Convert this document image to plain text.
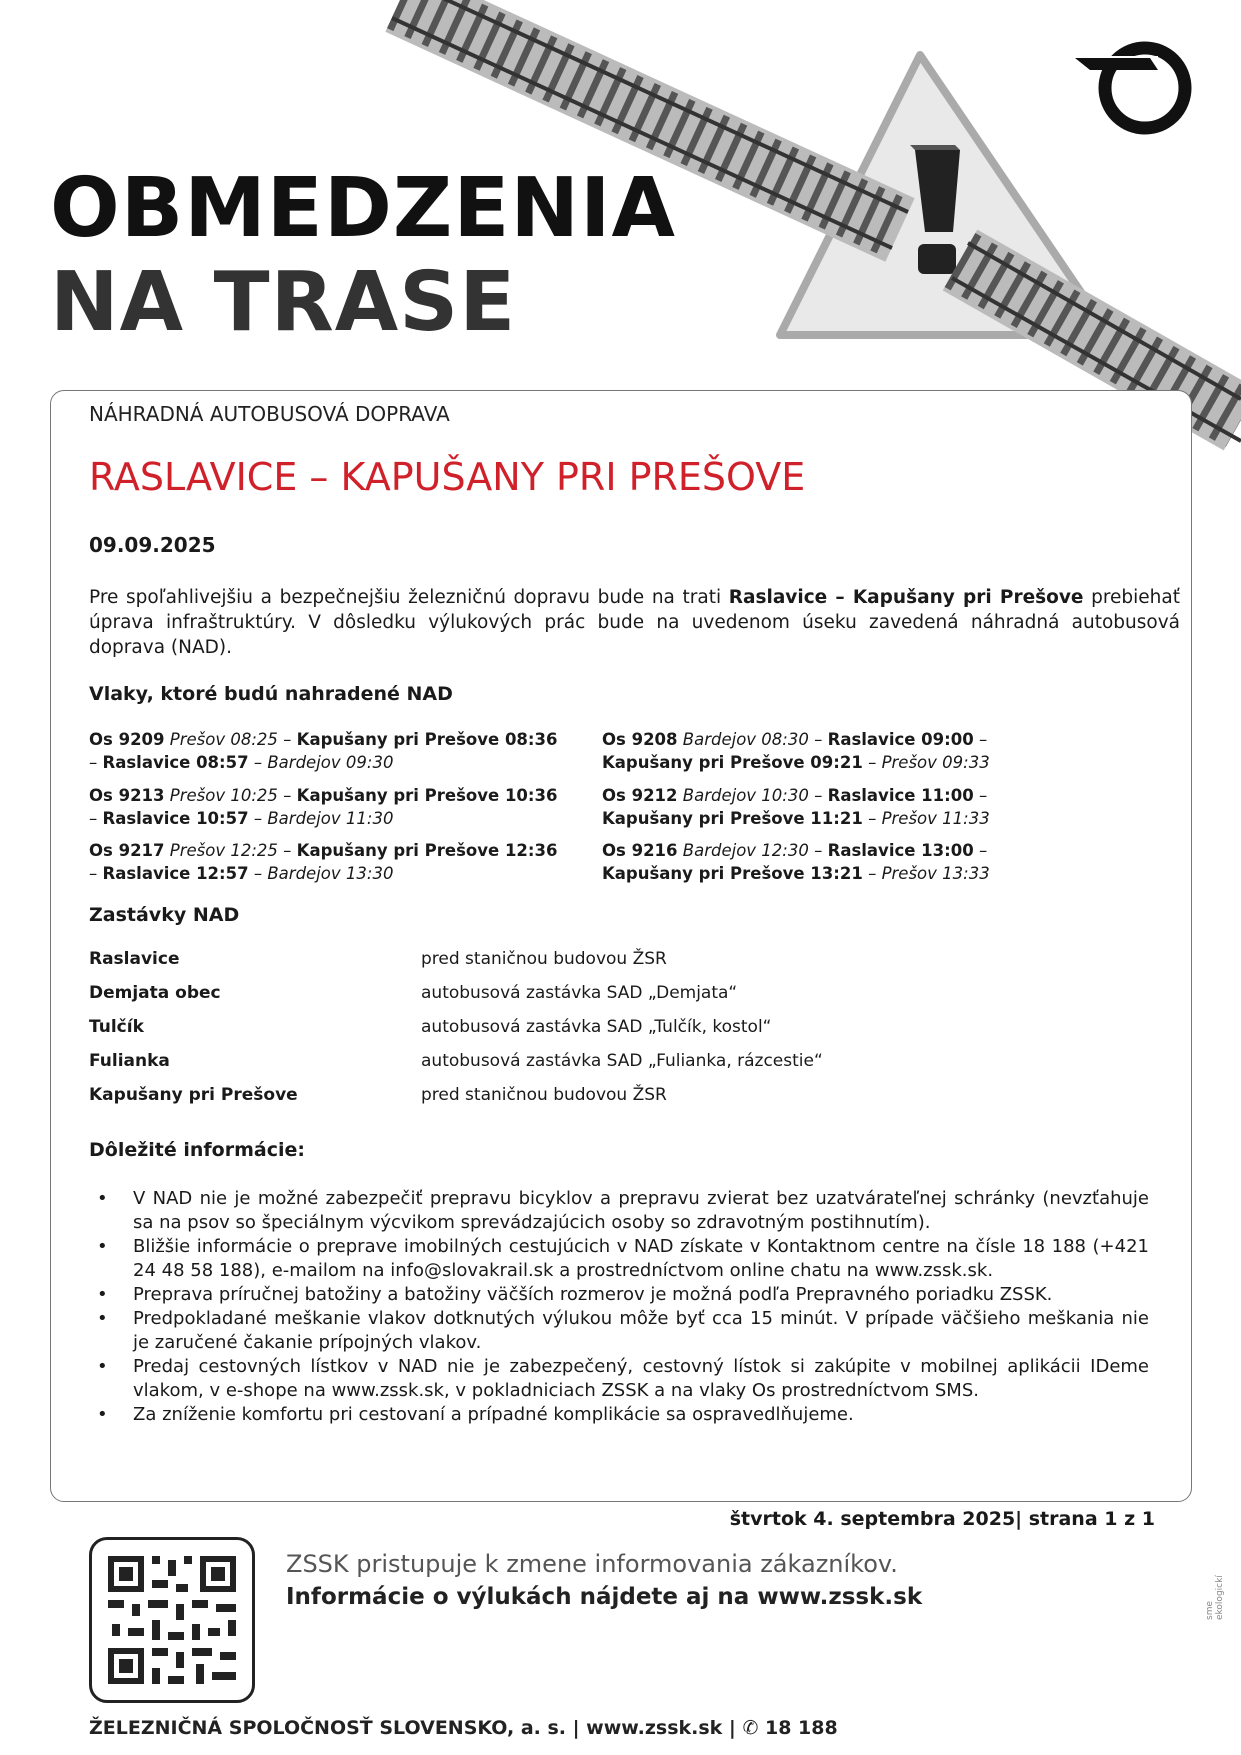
OBMEDZENIA
NA TRASE
NÁHRADNÁ AUTOBUSOVÁ DOPRAVA
RASLAVICE – KAPUŠANY PRI PREŠOVE
09.09.2025
Pre spoľahlivejšiu a bezpečnejšiu železničnú dopravu bude na trati Raslavice – Kapušany pri Prešove prebiehať úprava infraštruktúry. V dôsledku výlukových prác bude na uvedenom úseku zavedená náhradná autobusová doprava (NAD).
Vlaky, ktoré budú nahradené NAD
Os 9209 Prešov 08:25 – Kapušany pri Prešove 08:36 – Raslavice 08:57 – Bardejov 09:30
Os 9213 Prešov 10:25 – Kapušany pri Prešove 10:36 – Raslavice 10:57 – Bardejov 11:30
Os 9217 Prešov 12:25 – Kapušany pri Prešove 12:36 – Raslavice 12:57 – Bardejov 13:30
Os 9208 Bardejov 08:30 – Raslavice 09:00 – Kapušany pri Prešove 09:21 – Prešov 09:33
Os 9212 Bardejov 10:30 – Raslavice 11:00 – Kapušany pri Prešove 11:21 – Prešov 11:33
Os 9216 Bardejov 12:30 – Raslavice 13:00 – Kapušany pri Prešove 13:21 – Prešov 13:33
Zastávky NAD
Raslavice	pred staničnou budovou ŽSR
Demjata obec	autobusová zastávka SAD „Demjata“
Tulčík	autobusová zastávka SAD „Tulčík, kostol“
Fulianka	autobusová zastávka SAD „Fulianka, rázcestie“
Kapušany pri Prešove	pred staničnou budovou ŽSR
Dôležité informácie:
• V NAD nie je možné zabezpečiť prepravu bicyklov a prepravu zvierat bez uzatvárateľnej schránky (nevzťahuje sa na psov so špeciálnym výcvikom sprevádzajúcich osoby so zdravotným postihnutím).
• Bližšie informácie o preprave imobilných cestujúcich v NAD získate v Kontaktnom centre na čísle 18 188 (+421 24 48 58 188), e-mailom na info@slovakrail.sk a prostredníctvom online chatu na www.zssk.sk.
• Preprava príručnej batožiny a batožiny väčších rozmerov je možná podľa Prepravného poriadku ZSSK.
• Predpokladané meškanie vlakov dotknutých výlukou môže byť cca 15 minút. V prípade väčšieho meškania nie je zaručené čakanie prípojných vlakov.
• Predaj cestovných lístkov v NAD nie je zabezpečený, cestovný lístok si zakúpite v mobilnej aplikácii IDeme vlakom, v e-shope na www.zssk.sk, v pokladniciach ZSSK a na vlaky Os prostredníctvom SMS.
• Za zníženie komfortu pri cestovaní a prípadné komplikácie sa ospravedlňujeme.
štvrtok 4. septembra 2025| strana 1 z 1
ZSSK pristupuje k zmene informovania zákazníkov.
Informácie o výlukách nájdete aj na www.zssk.sk
ŽELEZNIČNÁ SPOLOČNOSŤ SLOVENSKO, a. s. | www.zssk.sk | ✆ 18 188
sme ekologickí
